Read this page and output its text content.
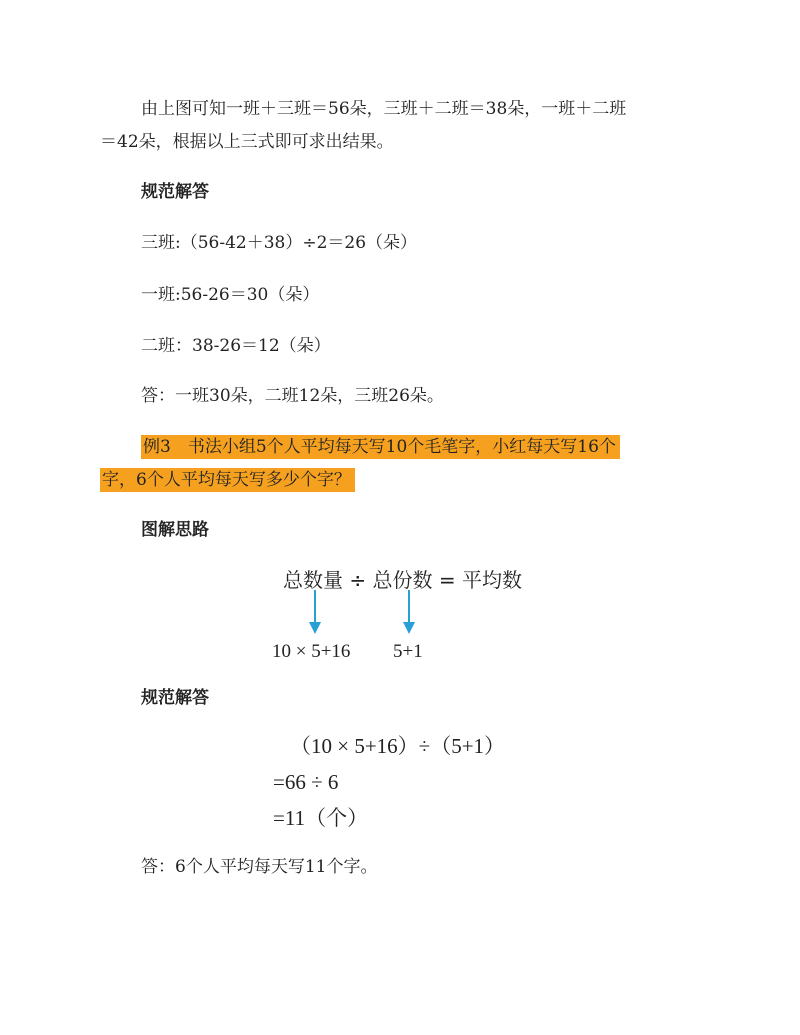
由上图可知一班＋三班＝56朵，三班＋二班＝38朵，一班＋二班
＝42朵，根据以上三式即可求出结果。
规范解答
三班:（56-42＋38）÷2＝26（朵）
一班:56-26＝30（朵）
二班：38-26＝12（朵）
答：一班30朵，二班12朵，三班26朵。
例3　书法小组5个人平均每天写10个毛笔字，小红每天写16个
字，6个人平均每天写多少个字？
图解思路
总数量 ÷ 总份数 = 平均数
10 × 5+16 5+1
规范解答
（10 × 5+16）÷（5+1）
=66 ÷ 6
=11（个）
答：6个人平均每天写11个字。
